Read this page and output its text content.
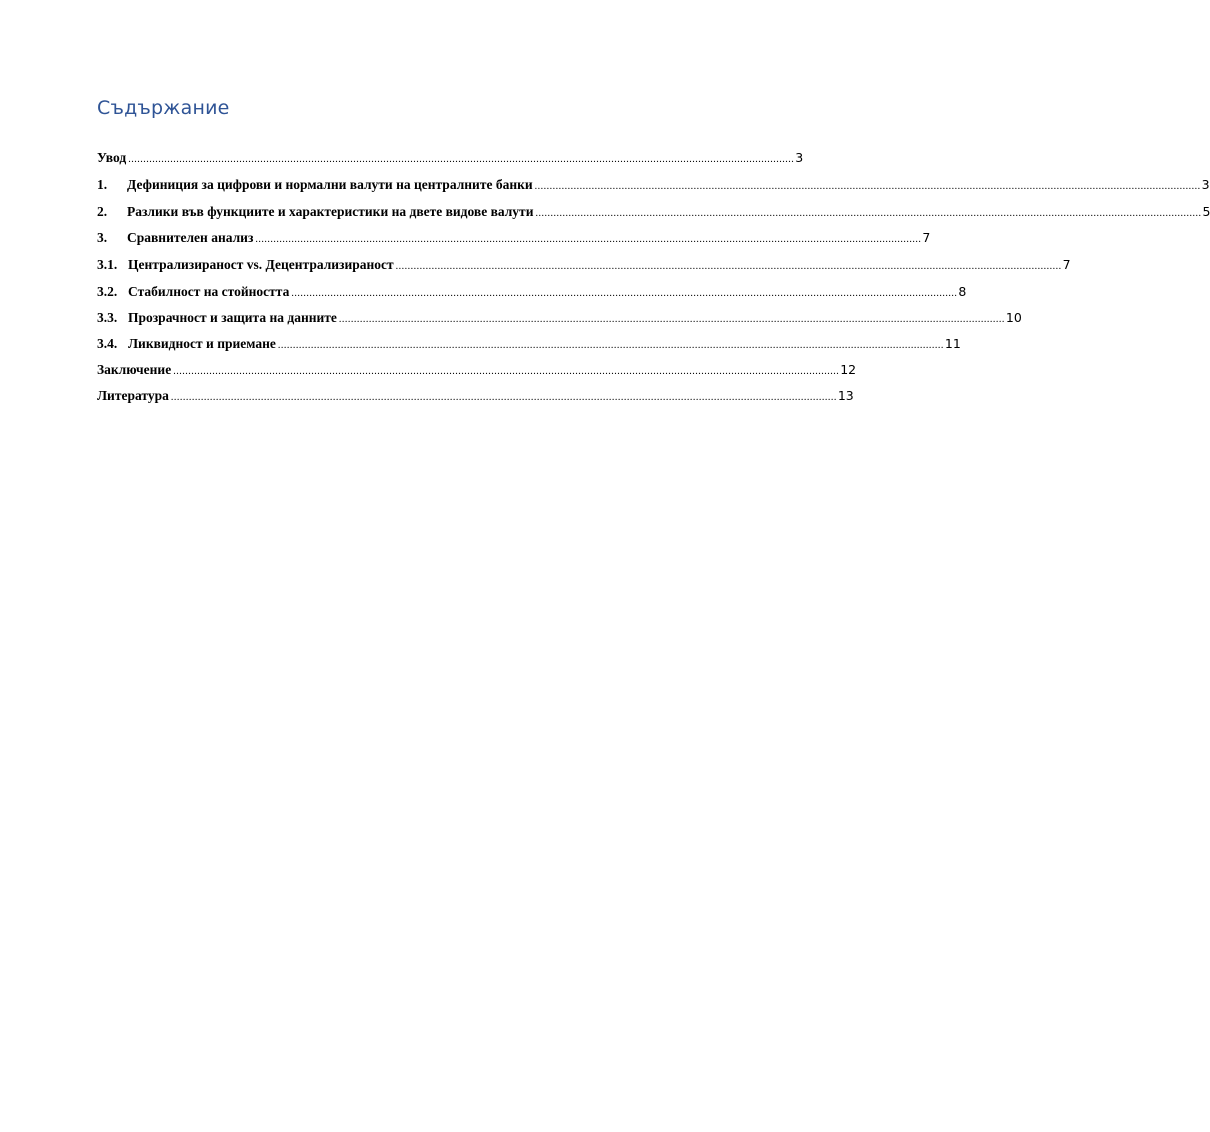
Съдържание
Увод .............................................................................................................................................................................................................................. 3
1.	Дефиниция за цифрови и нормални валути на централните банки .............................................................................................................................................................................................................................. 3
2.	Разлики във функциите и характеристики на двете видове валути .............................................................................................................................................................................................................................. 5
3.	Сравнителен анализ .............................................................................................................................................................................................................................. 7
3.1. Централизираност vs. Децентрализираност .............................................................................................................................................................................................................................. 7
3.2. Стабилност на стойността .............................................................................................................................................................................................................................. 8
3.3. Прозрачност и защита на данните .............................................................................................................................................................................................................................. 10
3.4. Ликвидност и приемане .............................................................................................................................................................................................................................. 11
Заключение .............................................................................................................................................................................................................................. 12
Литература .............................................................................................................................................................................................................................. 13
